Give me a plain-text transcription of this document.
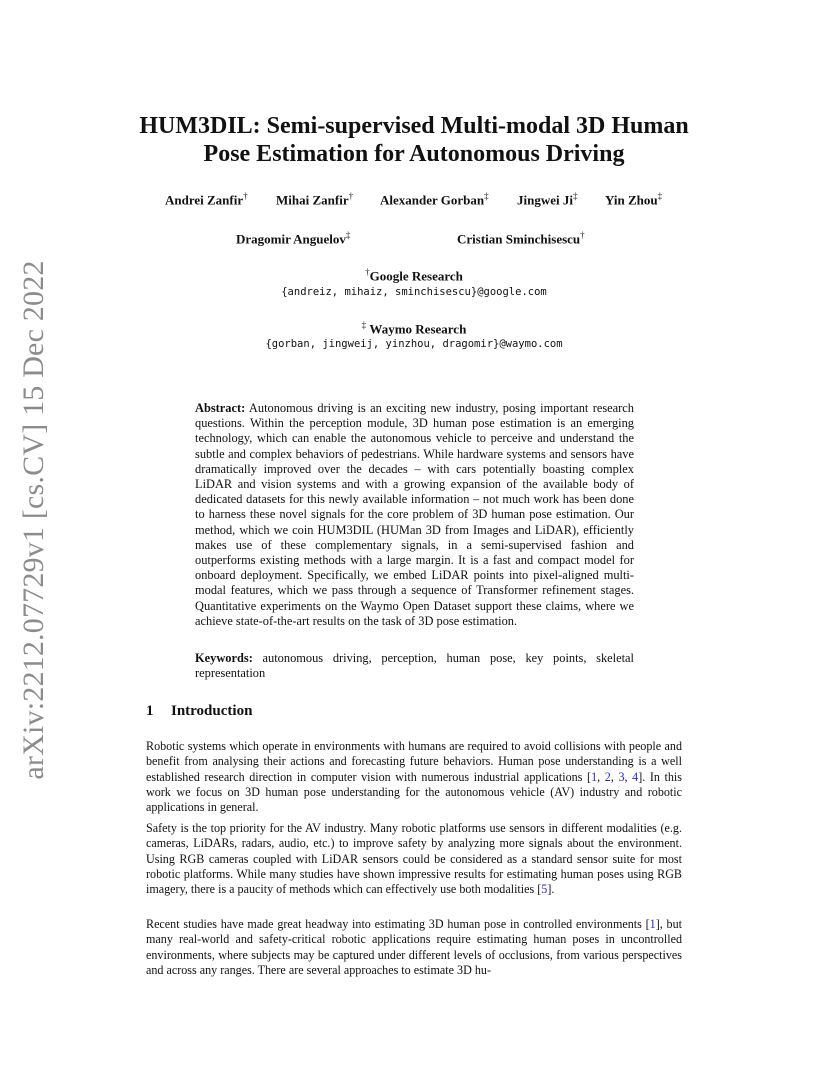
arXiv:2212.07729v1 [cs.CV] 15 Dec 2022
HUM3DIL: Semi-supervised Multi-modal 3D Human
Pose Estimation for Autonomous Driving
Andrei Zanfir† Mihai Zanfir† Alexander Gorban‡ Jingwei Ji‡ Yin Zhou‡
Dragomir Anguelov‡	Cristian Sminchisescu†
†Google Research
{andreiz, mihaiz, sminchisescu}@google.com
‡ Waymo Research
{gorban, jingweij, yinzhou, dragomir}@waymo.com

Abstract: Autonomous driving is an exciting new industry, posing important research questions. Within the perception module, 3D human pose estimation is an emerging technology, which can enable the autonomous vehicle to perceive and understand the subtle and complex behaviors of pedestrians. While hardware systems and sensors have dramatically improved over the decades – with cars potentially boasting complex LiDAR and vision systems and with a growing expansion of the available body of dedicated datasets for this newly available information – not much work has been done to harness these novel signals for the core problem of 3D human pose estimation. Our method, which we coin HUM3DIL (HUMan 3D from Images and LiDAR), efficiently makes use of these complementary signals, in a semi-supervised fashion and outperforms existing methods with a large margin. It is a fast and compact model for onboard deployment. Specifically, we embed LiDAR points into pixel-aligned multi-modal features, which we pass through a sequence of Transformer refinement stages. Quantitative experiments on the Waymo Open Dataset support these claims, where we achieve state-of-the-art results on the task of 3D pose estimation.

Keywords: autonomous driving, perception, human pose, key points, skeletal representation

1 Introduction

Robotic systems which operate in environments with humans are required to avoid collisions with people and benefit from analysing their actions and forecasting future behaviors. Human pose understanding is a well established research direction in computer vision with numerous industrial applications [1, 2, 3, 4]. In this work we focus on 3D human pose understanding for the autonomous vehicle (AV) industry and robotic applications in general.

Safety is the top priority for the AV industry. Many robotic platforms use sensors in different modalities (e.g. cameras, LiDARs, radars, audio, etc.) to improve safety by analyzing more signals about the environment. Using RGB cameras coupled with LiDAR sensors could be considered as a standard sensor suite for most robotic platforms. While many studies have shown impressive results for estimating human poses using RGB imagery, there is a paucity of methods which can effectively use both modalities [5].

Recent studies have made great headway into estimating 3D human pose in controlled environments [1], but many real-world and safety-critical robotic applications require estimating human poses in uncontrolled environments, where subjects may be captured under different levels of occlusions, from various perspectives and across any ranges. There are several approaches to estimate 3D hu-
